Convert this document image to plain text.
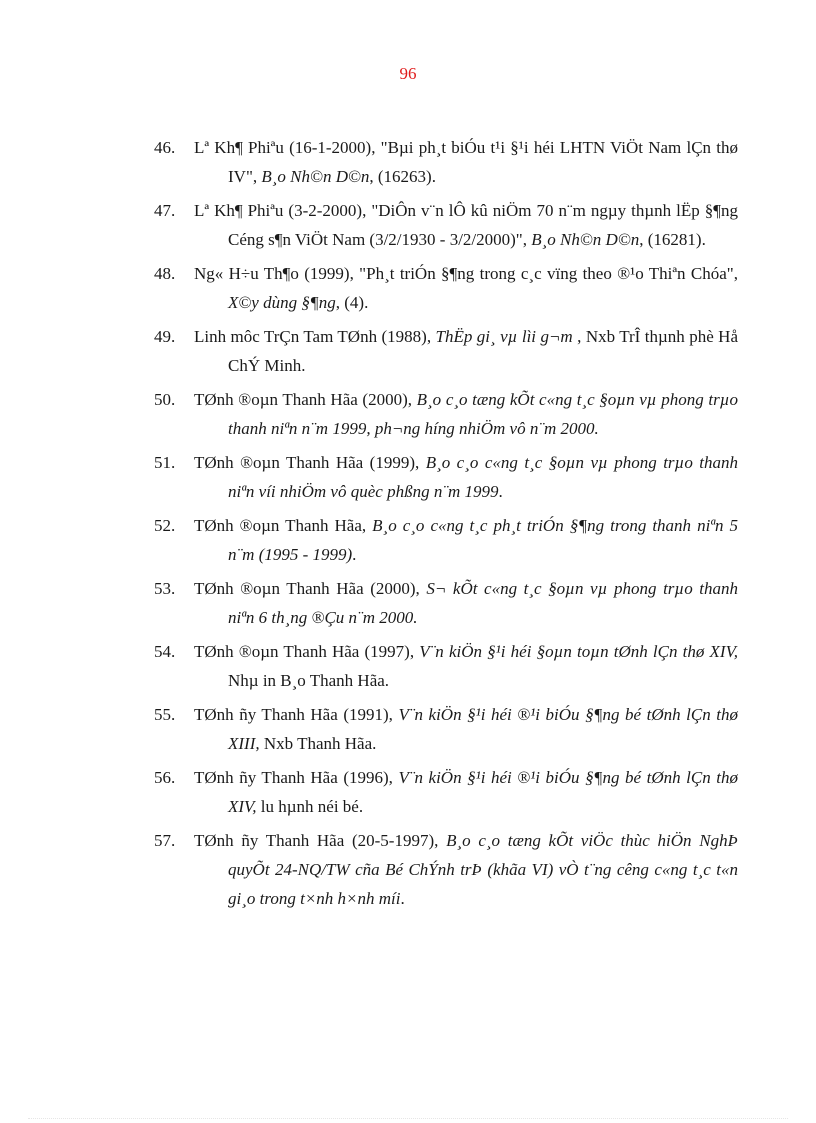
96
46.	Lª Kh¶ Phiªu (16-1-2000), "Bµi ph¸t biÓu t¹i §¹i héi LHTN ViÖt Nam lÇn thø IV", B¸o Nh©n D©n, (16263).
47.	Lª Kh¶ Phiªu (3-2-2000), "DiÔn v¨n lÔ kû niÖm 70 n¨m ngµy thµnh lËp §¶ng Céng s¶n ViÖt Nam (3/2/1930 - 3/2/2000)", B¸o Nh©n D©n, (16281).
48.	Ng« H÷u Th¶o (1999), "Ph¸t triÓn §¶ng trong c¸c vïng theo ®¹o Thiªn Chóa", X©y dùng §¶ng, (4).
49.	Linh môc TrÇn Tam TØnh (1988), ThËp gi¸ vµ lìi g¬m , Nxb TrÎ thµnh phè Hå ChÝ Minh.
50.	TØnh ®oµn Thanh Hãa (2000), B¸o c¸o tæng kÕt c«ng t¸c §oµn vµ phong trµo thanh niªn n¨m 1999, ph¬ng híng nhiÖm vô n¨m 2000.
51.	TØnh ®oµn Thanh Hãa (1999), B¸o c¸o c«ng t¸c §oµn vµ phong trµo thanh niªn víi nhiÖm vô quèc phßng n¨m 1999.
52.	TØnh ®oµn Thanh Hãa, B¸o c¸o c«ng t¸c ph¸t triÓn §¶ng trong thanh niªn 5 n¨m (1995 - 1999).
53.	TØnh ®oµn Thanh Hãa (2000), S¬ kÕt c«ng t¸c §oµn vµ phong trµo thanh niªn 6 th¸ng ®Çu n¨m 2000.
54.	TØnh ®oµn Thanh Hãa (1997), V¨n kiÖn §¹i héi §oµn toµn tØnh lÇn thø XIV, Nhµ in B¸o Thanh Hãa.
55.	TØnh ñy Thanh Hãa (1991), V¨n kiÖn §¹i héi ®¹i biÓu §¶ng bé tØnh lÇn thø XIII, Nxb Thanh Hãa.
56.	TØnh ñy Thanh Hãa (1996), V¨n kiÖn §¹i héi ®¹i biÓu §¶ng bé tØnh lÇn thø XIV, lu hµnh néi bé.
57.	TØnh ñy Thanh Hãa (20-5-1997), B¸o c¸o tæng kÕt viÖc thùc hiÖn NghÞ quyÕt 24-NQ/TW cña Bé ChÝnh trÞ (khãa VI) vÒ t¨ng cêng c«ng t¸c t«n gi¸o trong t×nh h×nh míi.
